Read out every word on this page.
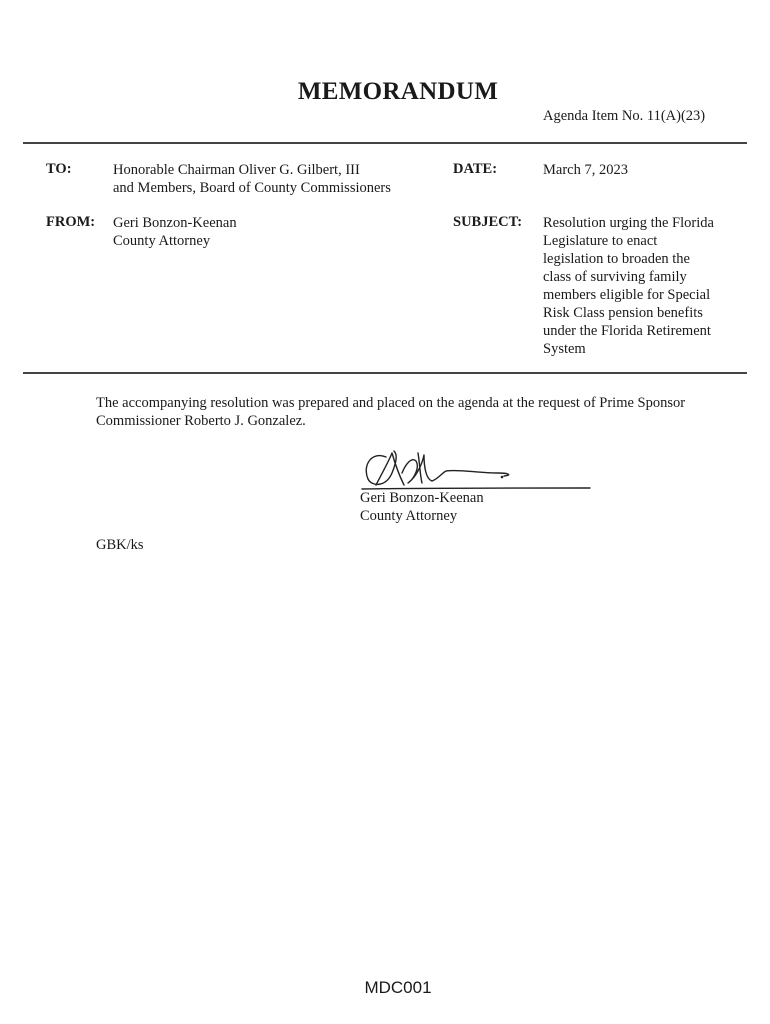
MEMORANDUM
Agenda Item No. 11(A)(23)
TO:	Honorable Chairman Oliver G. Gilbert, III
and Members, Board of County Commissioners
DATE:	March 7, 2023
FROM: Geri Bonzon-Keenan
County Attorney
SUBJECT: Resolution urging the Florida
Legislature to enact
legislation to broaden the
class of surviving family
members eligible for Special
Risk Class pension benefits
under the Florida Retirement
System
The accompanying resolution was prepared and placed on the agenda at the request of Prime Sponsor
Commissioner Roberto J. Gonzalez.
Geri Bonzon-Keenan
County Attorney
GBK/ks
MDC001
